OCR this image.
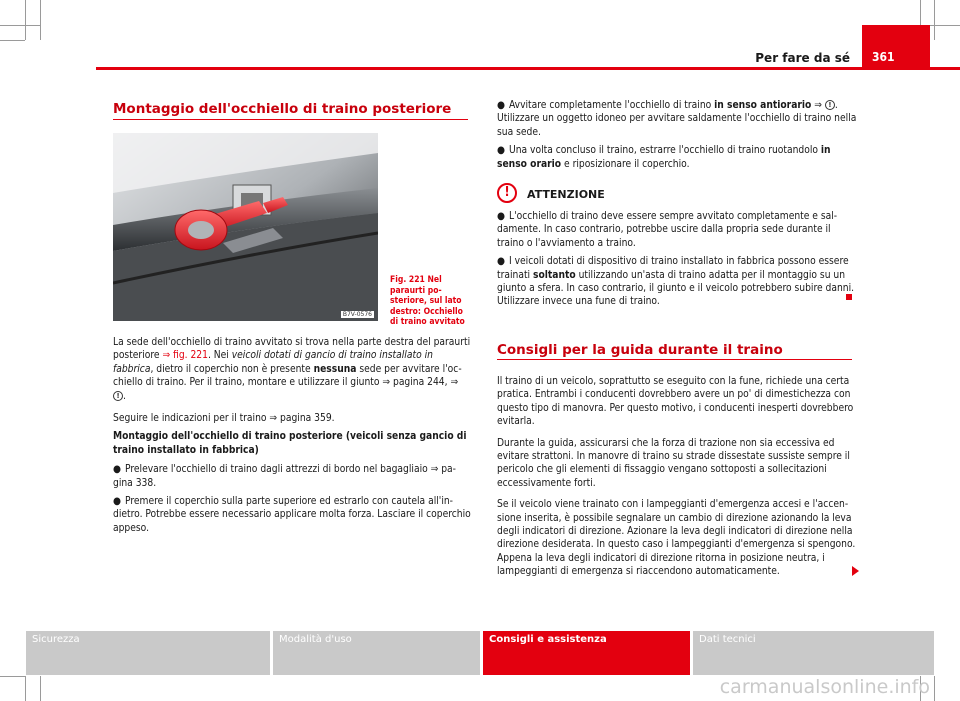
Per fare da sé	361
Montaggio dell'occhiello di traino posteriore
B7V-0576
Fig. 221 Nel paraurti posteriore, sul lato destro: Occhiello di traino avvitato

La sede dell'occhiello di traino avvitato si trova nella parte destra del paraurti posteriore ⇒ fig. 221. Nei veicoli dotati di gancio di traino installato in fabbrica, dietro il coperchio non è presente nessuna sede per avvitare l'occhiello di traino. Per il traino, montare e utilizzare il giunto ⇒ pagina 244, ⇒ ! .

Seguire le indicazioni per il traino ⇒ pagina 359.

Montaggio dell'occhiello di traino posteriore (veicoli senza gancio di traino installato in fabbrica)

● Prelevare l'occhiello di traino dagli attrezzi di bordo nel bagagliaio ⇒ pagina 338.

● Premere il coperchio sulla parte superiore ed estrarlo con cautela all'indietro. Potrebbe essere necessario applicare molta forza. Lasciare il coperchio appeso.

● Avvitare completamente l'occhiello di traino in senso antiorario ⇒ ! . Utilizzare un oggetto idoneo per avvitare saldamente l'occhiello di traino nella sua sede.

● Una volta concluso il traino, estrarre l'occhiello di traino ruotandolo in senso orario e riposizionare il coperchio.

!	ATTENZIONE

● L'occhiello di traino deve essere sempre avvitato completamente e saldamente. In caso contrario, potrebbe uscire dalla propria sede durante il traino o l'avviamento a traino.

● I veicoli dotati di dispositivo di traino installato in fabbrica possono essere trainati soltanto utilizzando un'asta di traino adatta per il montaggio su un giunto a sfera. In caso contrario, il giunto e il veicolo potrebbero subire danni. Utilizzare invece una fune di traino.

Consigli per la guida durante il traino

Il traino di un veicolo, soprattutto se eseguito con la fune, richiede una certa pratica. Entrambi i conducenti dovrebbero avere un po' di dimestichezza con questo tipo di manovra. Per questo motivo, i conducenti inesperti dovrebbero evitarla.

Durante la guida, assicurarsi che la forza di trazione non sia eccessiva ed evitare strattoni. In manovre di traino su strade dissestate sussiste sempre il pericolo che gli elementi di fissaggio vengano sottoposti a sollecitazioni eccessivamente forti.

Se il veicolo viene trainato con i lampeggianti d'emergenza accesi e l'accensione inserita, è possibile segnalare un cambio di direzione azionando la leva degli indicatori di direzione. Azionare la leva degli indicatori di direzione nella direzione desiderata. In questo caso i lampeggianti d'emergenza si spengono. Appena la leva degli indicatori di direzione ritorna in posizione neutra, i lampeggianti di emergenza si riaccendono automaticamente.

Sicurezza	Modalità d'uso	Consigli e assistenza	Dati tecnici
carmanualsonline.info
